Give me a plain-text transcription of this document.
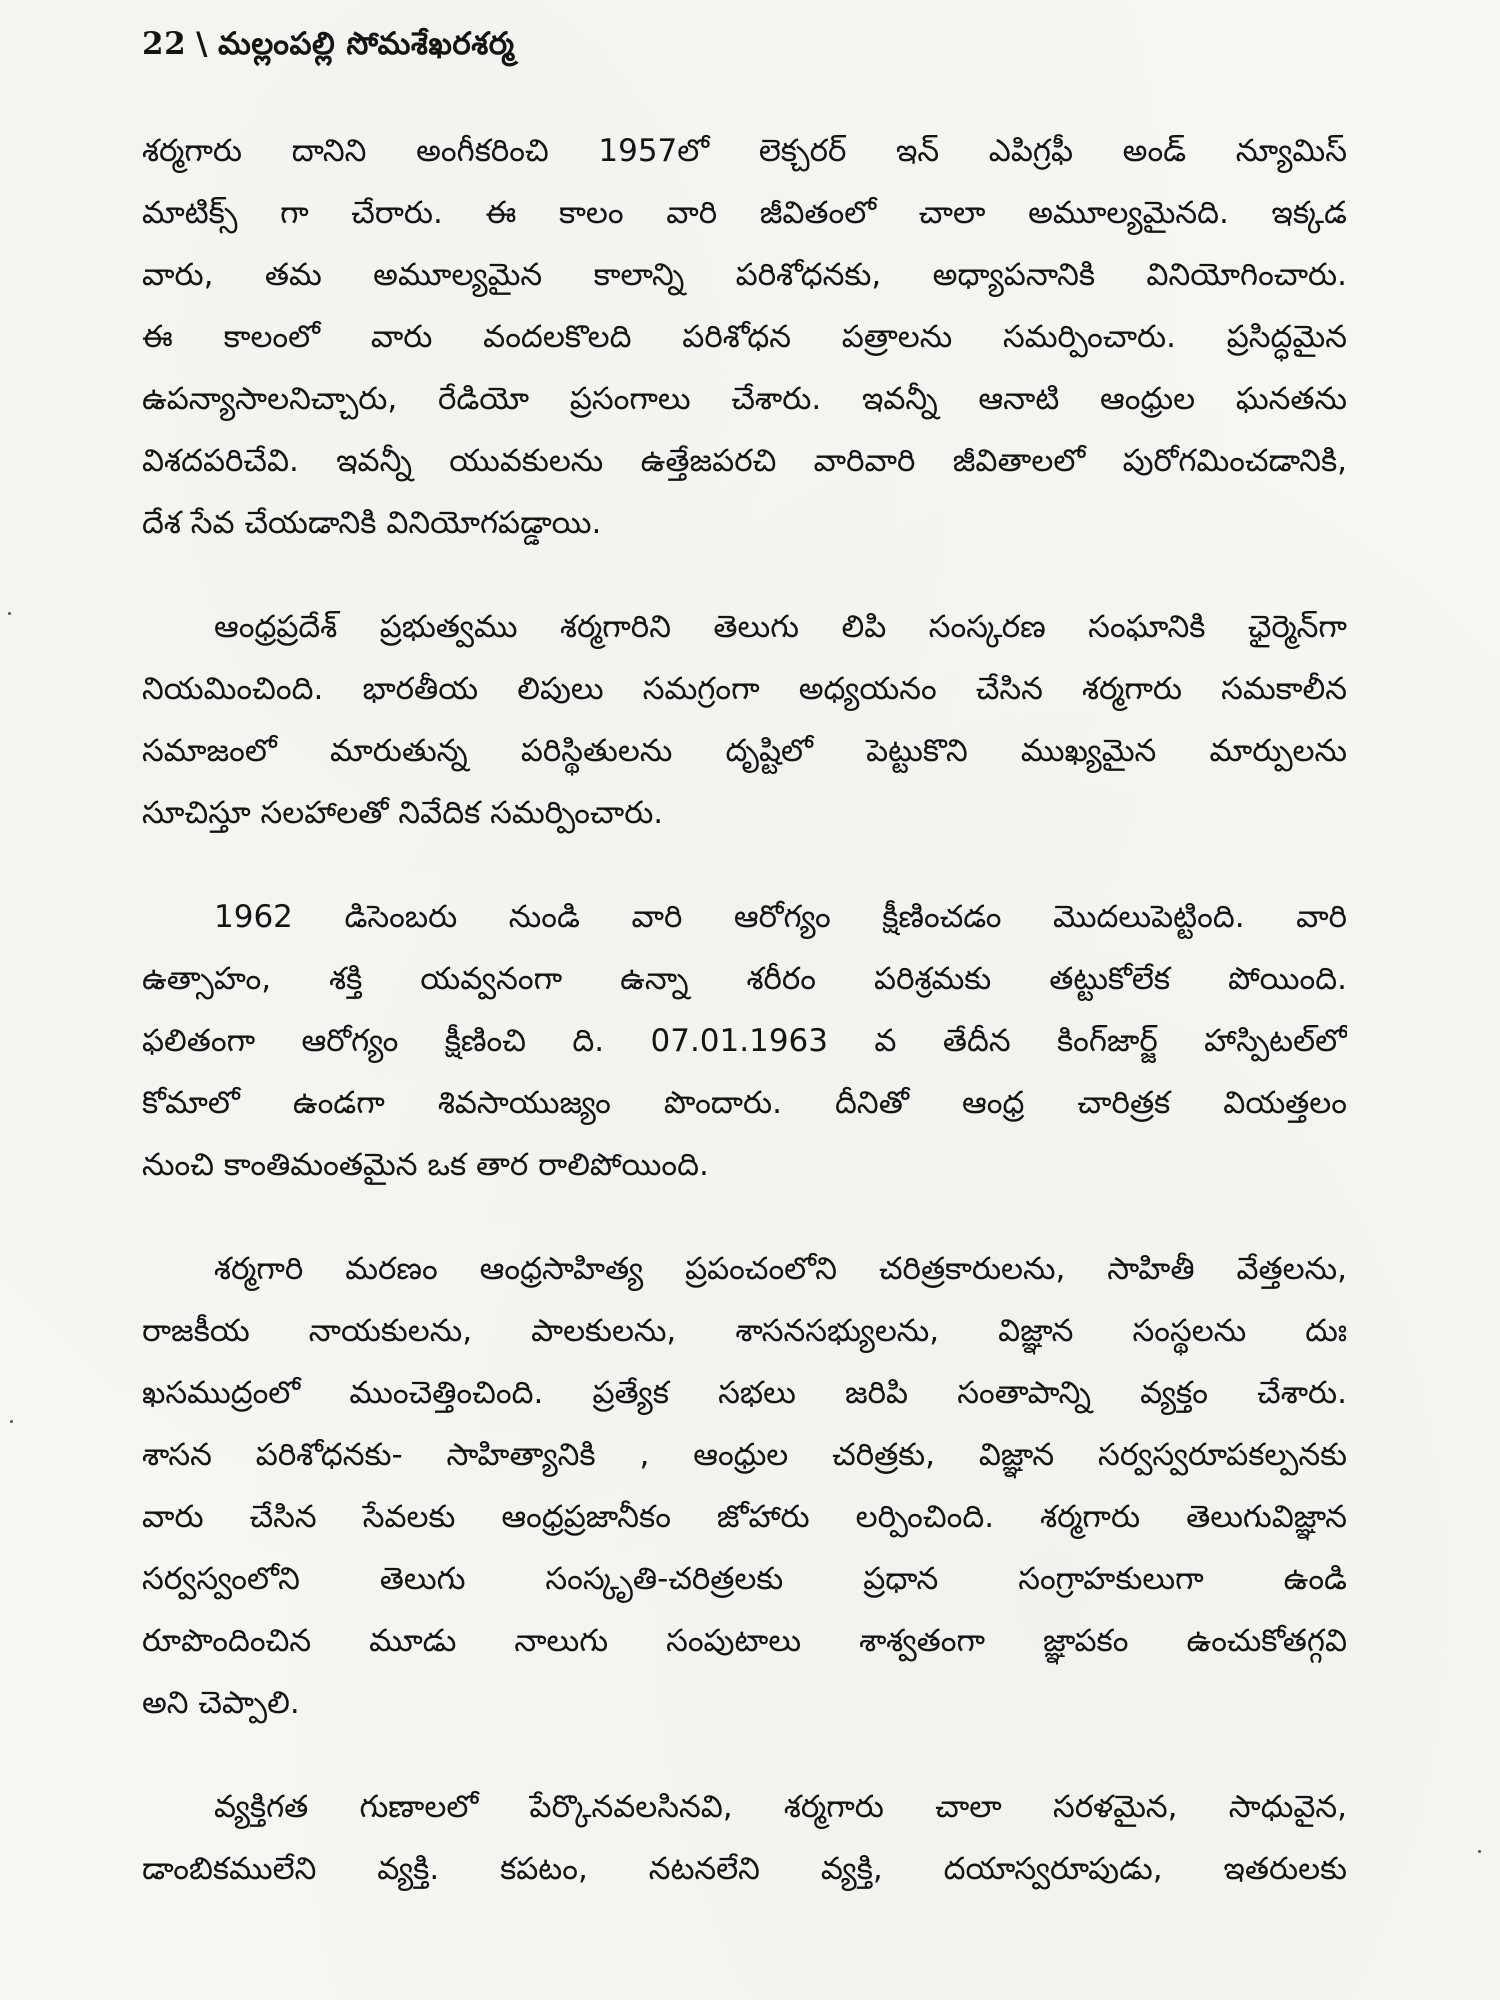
22 \ మల్లంపల్లి సోమశేఖరశర్మ
శర్మగారు దానిని అంగీకరించి 1957లో లెక్చరర్ ఇన్ ఎపిగ్రఫీ అండ్ న్యూమిస్
మాటిక్స్ గా చేరారు. ఈ కాలం వారి జీవితంలో చాలా అమూల్యమైనది. ఇక్కడ
వారు, తమ అమూల్యమైన కాలాన్ని పరిశోధనకు, అధ్యాపనానికి వినియోగించారు.
ఈ కాలంలో వారు వందలకొలది పరిశోధన పత్రాలను సమర్పించారు. ప్రసిద్ధమైన
ఉపన్యాసాలనిచ్చారు, రేడియో ప్రసంగాలు చేశారు. ఇవన్నీ ఆనాటి ఆంధ్రుల ఘనతను
విశదపరిచేవి. ఇవన్నీ యువకులను ఉత్తేజపరచి వారివారి జీవితాలలో పురోగమించడానికి,
దేశ సేవ చేయడానికి వినియోగపడ్డాయి.
ఆంధ్రప్రదేశ్ ప్రభుత్వము శర్మగారిని తెలుగు లిపి సంస్కరణ సంఘానికి ఛైర్మెన్‌గా
నియమించింది. భారతీయ లిపులు సమగ్రంగా అధ్యయనం చేసిన శర్మగారు సమకాలీన
సమాజంలో మారుతున్న పరిస్థితులను దృష్టిలో పెట్టుకొని ముఖ్యమైన మార్పులను
సూచిస్తూ సలహాలతో నివేదిక సమర్పించారు.
1962 డిసెంబరు నుండి వారి ఆరోగ్యం క్షీణించడం మొదలుపెట్టింది. వారి
ఉత్సాహం, శక్తి యవ్వనంగా ఉన్నా శరీరం పరిశ్రమకు తట్టుకోలేక పోయింది.
ఫలితంగా ఆరోగ్యం క్షీణించి ది. 07.01.1963 వ తేదీన కింగ్‌జార్జ్ హాస్పిటల్‌లో
కోమాలో ఉండగా శివసాయుజ్యం పొందారు. దీనితో ఆంధ్ర చారిత్రక వియత్తలం
నుంచి కాంతిమంతమైన ఒక తార రాలిపోయింది.
శర్మగారి మరణం ఆంధ్రసాహిత్య ప్రపంచంలోని చరిత్రకారులను, సాహితీ వేత్తలను,
రాజకీయ నాయకులను, పాలకులను, శాసనసభ్యులను, విజ్ఞాన సంస్థలను దుః
ఖసముద్రంలో ముంచెత్తించింది. ప్రత్యేక సభలు జరిపి సంతాపాన్ని వ్యక్తం చేశారు.
శాసన పరిశోధనకు- సాహిత్యానికి , ఆంధ్రుల చరిత్రకు, విజ్ఞాన సర్వస్వరూపకల్పనకు
వారు చేసిన సేవలకు ఆంధ్రప్రజానీకం జోహారు లర్పించింది. శర్మగారు తెలుగువిజ్ఞాన
సర్వస్వంలోని తెలుగు సంస్కృతి-చరిత్రలకు ప్రధాన సంగ్రాహకులుగా ఉండి
రూపొందించిన మూడు నాలుగు సంపుటాలు శాశ్వతంగా జ్ఞాపకం ఉంచుకోతగ్గవి
అని చెప్పాలి.
వ్యక్తిగత గుణాలలో పేర్కొనవలసినవి, శర్మగారు చాలా సరళమైన, సాధువైన,
డాంబికములేని వ్యక్తి. కపటం, నటనలేని వ్యక్తి, దయాస్వరూపుడు, ఇతరులకు
